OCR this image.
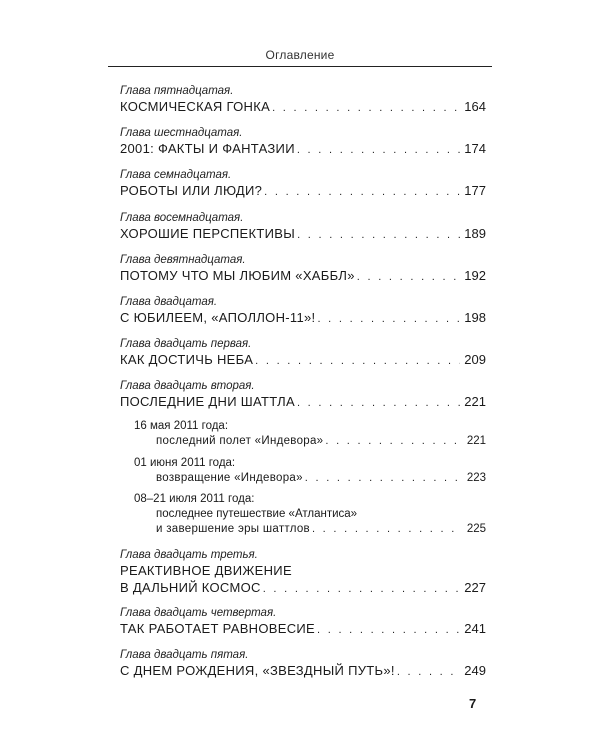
Оглавление
Глава пятнадцатая.
КОСМИЧЕСКАЯ ГОНКА . . .	164
Глава шестнадцатая.
2001: ФАКТЫ И ФАНТАЗИИ . . .	174
Глава семнадцатая.
РОБОТЫ ИЛИ ЛЮДИ? . . .	177
Глава восемнадцатая.
ХОРОШИЕ ПЕРСПЕКТИВЫ . . .	189
Глава девятнадцатая.
ПОТОМУ ЧТО МЫ ЛЮБИМ «ХАББЛ» . . .	192
Глава двадцатая.
С ЮБИЛЕЕМ, «АПОЛЛОН-11»! . . .	198
Глава двадцать первая.
КАК ДОСТИЧЬ НЕБА . . .	209
Глава двадцать вторая.
ПОСЛЕДНИЕ ДНИ ШАТТЛА . . .	221
16 мая 2011 года:
последний полет «Индевора» . . .	221
01 июня 2011 года:
возвращение «Индевора» . . .	223
08–21 июля 2011 года:
последнее путешествие «Атлантиса»
и завершение эры шаттлов . . .	225
Глава двадцать третья.
РЕАКТИВНОЕ ДВИЖЕНИЕ
В ДАЛЬНИЙ КОСМОС . . .	227
Глава двадцать четвертая.
ТАК РАБОТАЕТ РАВНОВЕСИЕ . . .	241
Глава двадцать пятая.
С ДНЕМ РОЖДЕНИЯ, «ЗВЕЗДНЫЙ ПУТЬ»! . . .	249
7
